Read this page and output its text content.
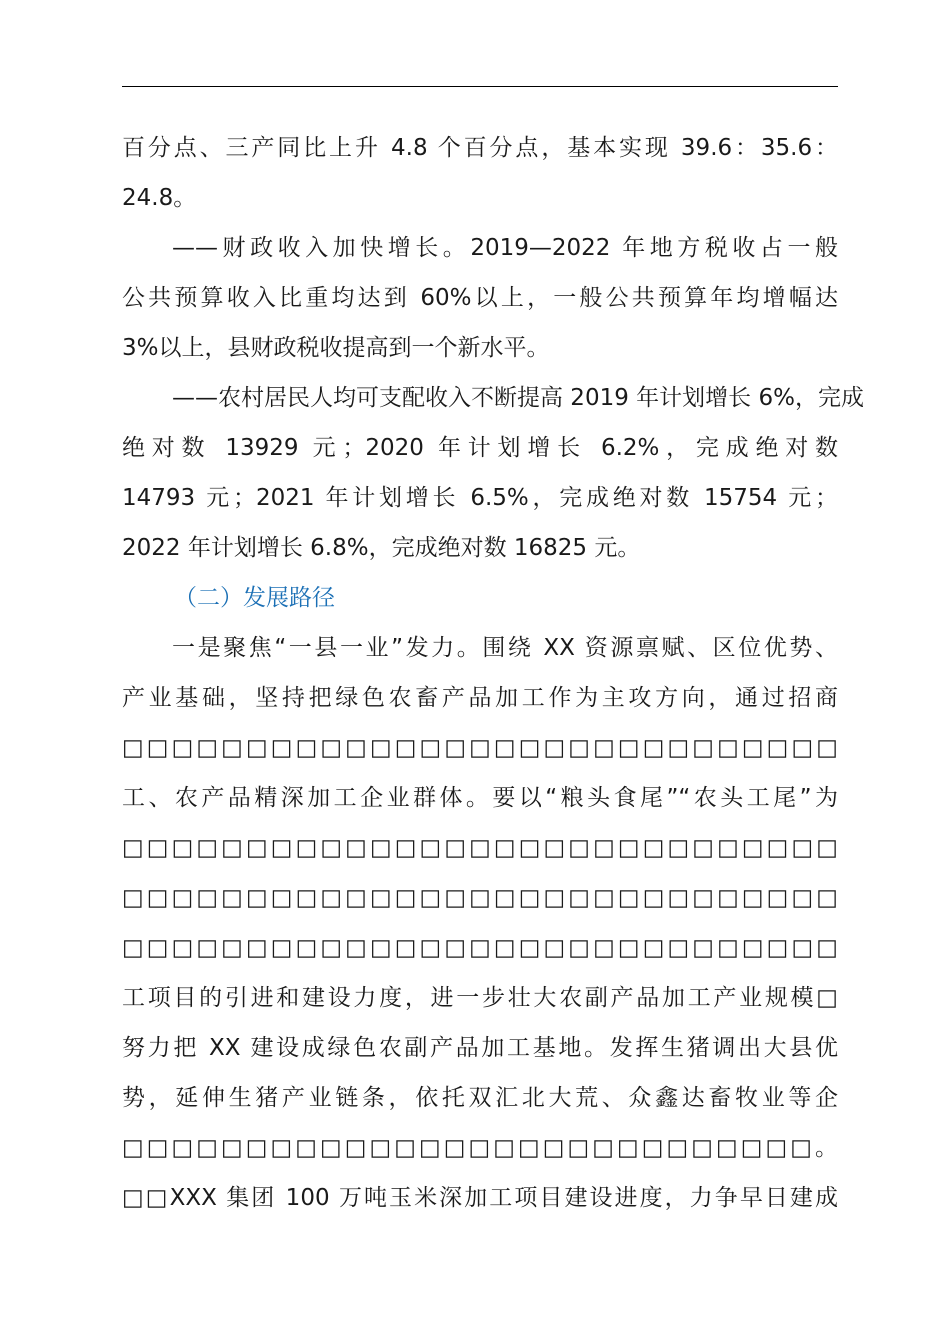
百分点、三产同比上升 4.8 个百分点，基本实现 39.6：35.6：
24.8。
——财政收入加快增长。2019—2022 年地方税收占一般
公共预算收入比重均达到 60%以上，一般公共预算年均增幅达
3%以上，县财政税收提高到一个新水平。
——农村居民人均可支配收入不断提高 2019 年计划增长 6%，完成
绝对数 13929 元；2020 年计划增长 6.2%，完成绝对数
14793 元；2021 年计划增长 6.5%，完成绝对数 15754 元；
2022 年计划增长 6.8%，完成绝对数 16825 元。
（二）发展路径
一是聚焦“一县一业”发力。围绕 XX 资源禀赋、区位优势、
产业基础，坚持把绿色农畜产品加工作为主攻方向，通过招商
□□□□□□□□□□□□□□□□□□□□□□□□□□□□□
工、农产品精深加工企业群体。要以“粮头食尾”“农头工尾”为
□□□□□□□□□□□□□□□□□□□□□□□□□□□□□
□□□□□□□□□□□□□□□□□□□□□□□□□□□□□
□□□□□□□□□□□□□□□□□□□□□□□□□□□□□
工项目的引进和建设力度，进一步壮大农副产品加工产业规模□
努力把 XX 建设成绿色农副产品加工基地。发挥生猪调出大县优
势，延伸生猪产业链条，依托双汇北大荒、众鑫达畜牧业等企
□□□□□□□□□□□□□□□□□□□□□□□□□□□□。
□□XXX 集团 100 万吨玉米深加工项目建设进度，力争早日建成
